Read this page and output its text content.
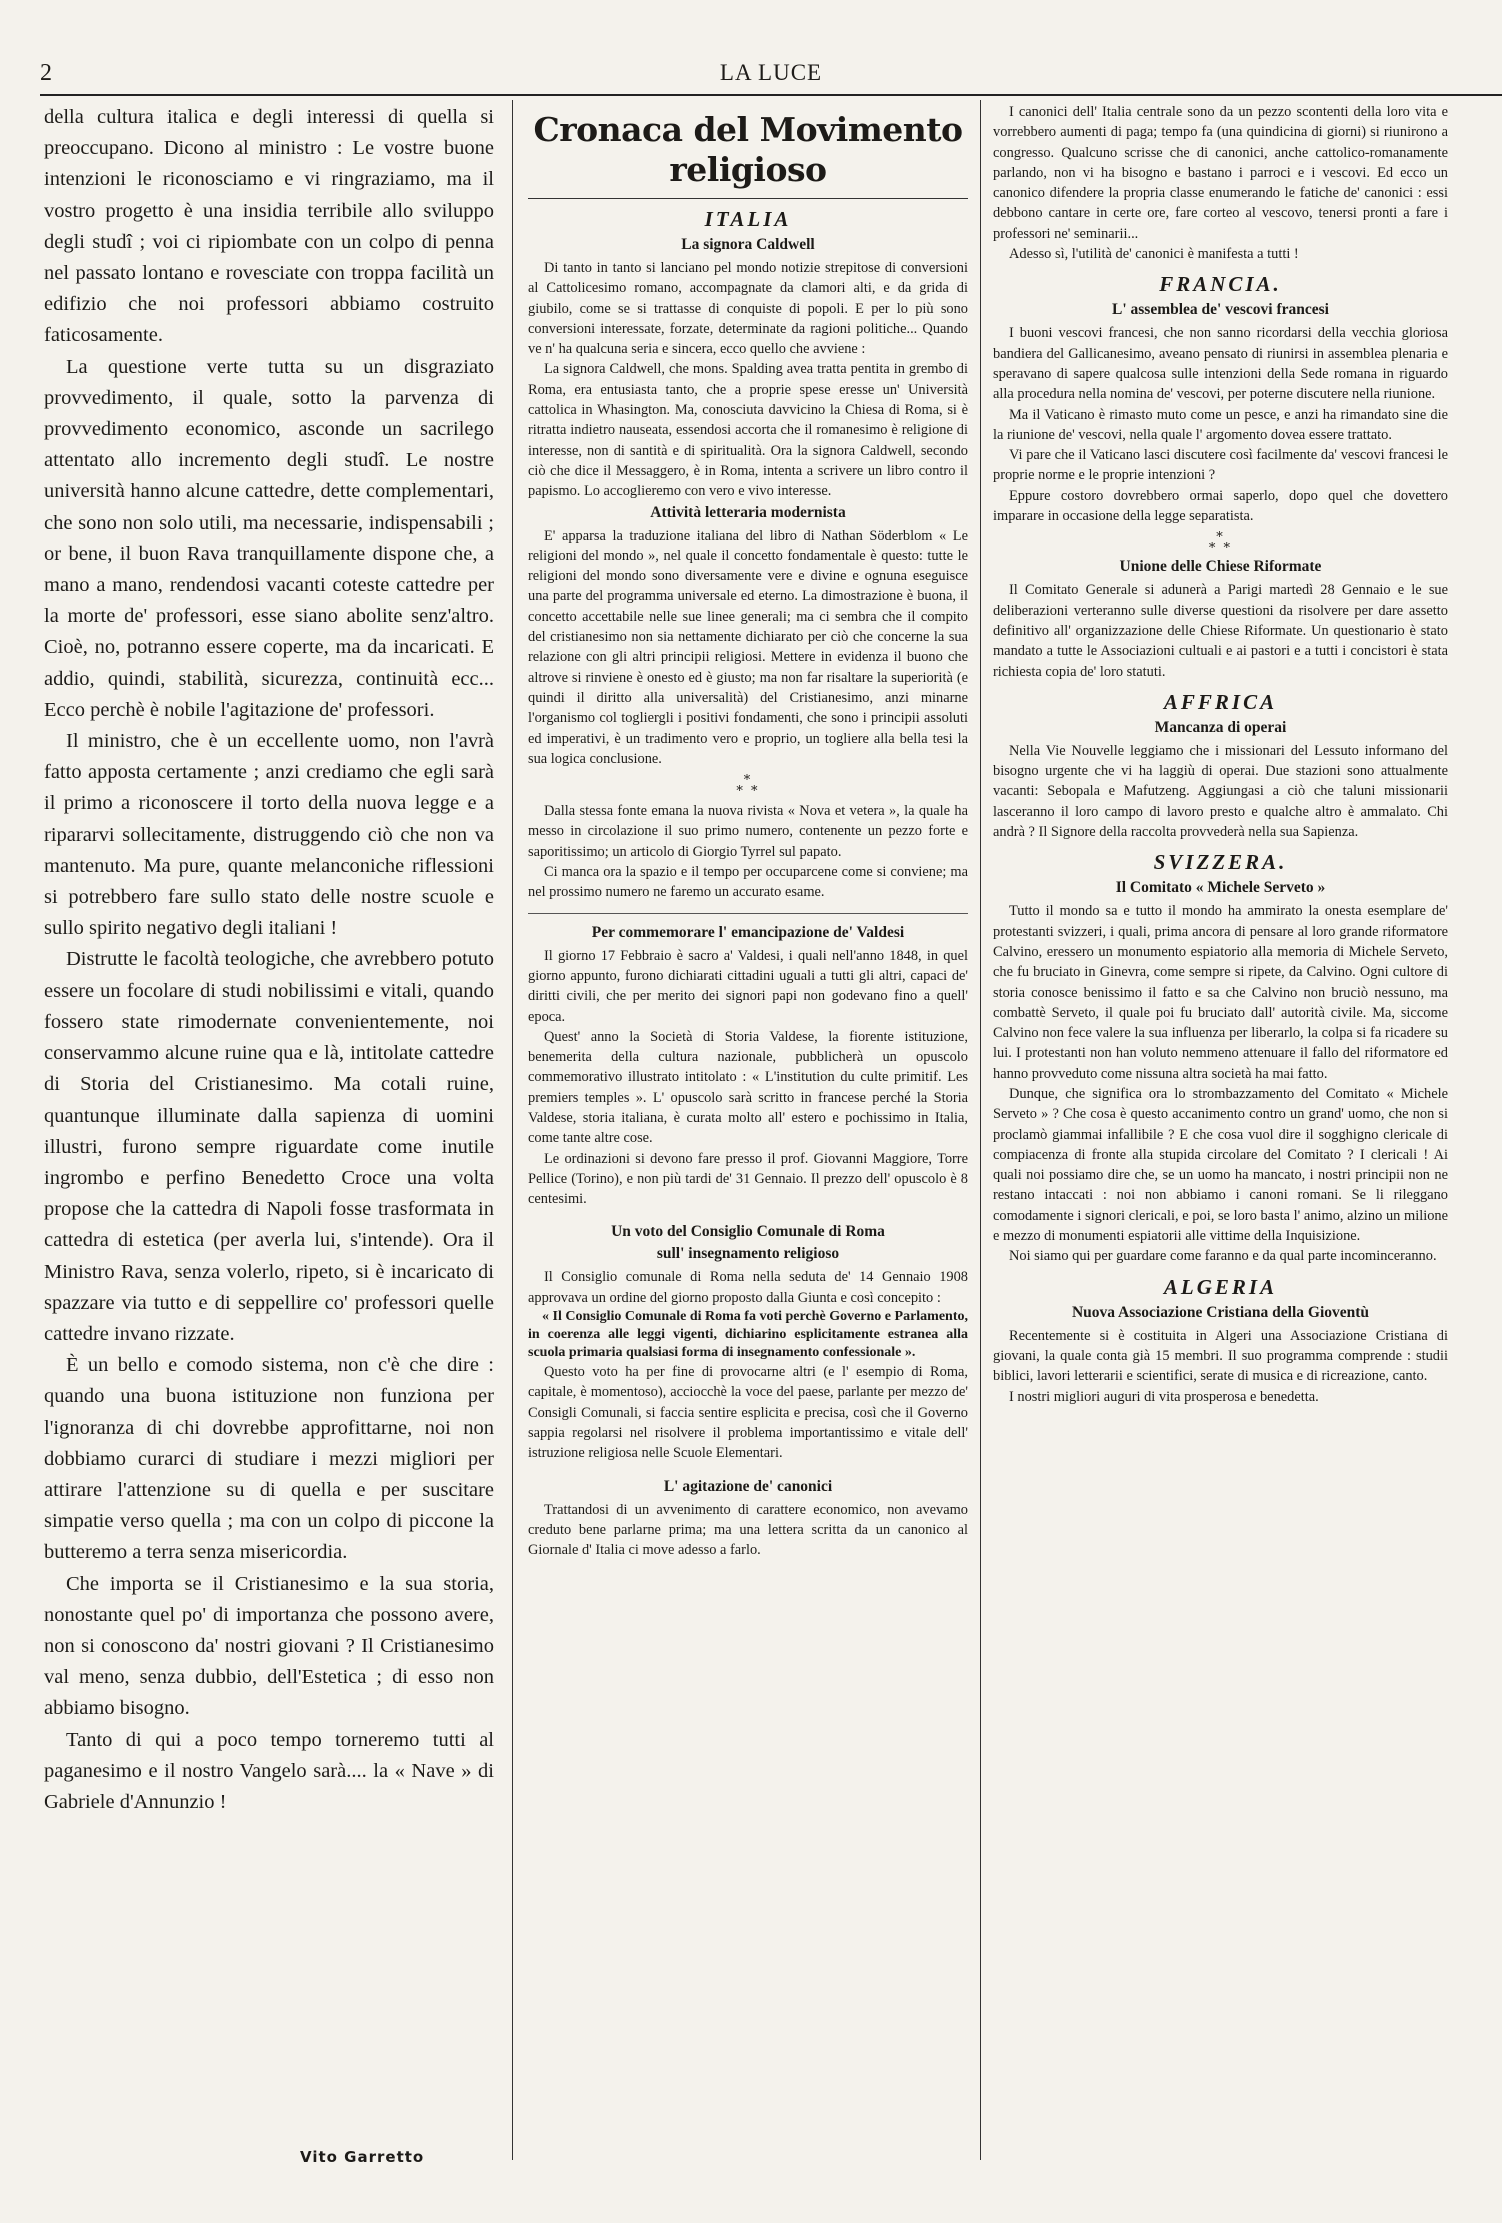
2	LA LUCE

della cultura italica e degli interessi di quella si preoccupano. Dicono al ministro : Le vostre buone intenzioni le riconosciamo e vi ringraziamo, ma il vostro progetto è una insidia terribile allo sviluppo degli studî ; voi ci ripiombate con un colpo di penna nel passato lontano e rovesciate con troppa facilità un edifizio che noi professori abbiamo costruito faticosamente.

La questione verte tutta su un disgraziato provvedimento, il quale, sotto la parvenza di provvedimento economico, asconde un sacrilego attentato allo incremento degli studî. Le nostre università hanno alcune cattedre, dette complementari, che sono non solo utili, ma necessarie, indispensabili ; or bene, il buon Rava tranquillamente dispone che, a mano a mano, rendendosi vacanti coteste cattedre per la morte de' professori, esse siano abolite senz'altro. Cioè, no, potranno essere coperte, ma da incaricati. E addio, quindi, stabilità, sicurezza, continuità ecc... Ecco perchè è nobile l'agitazione de' professori.

Il ministro, che è un eccellente uomo, non l'avrà fatto apposta certamente ; anzi crediamo che egli sarà il primo a riconoscere il torto della nuova legge e a ripararvi sollecitamente, distruggendo ciò che non va mantenuto. Ma pure, quante melanconiche riflessioni si potrebbero fare sullo stato delle nostre scuole e sullo spirito negativo degli italiani !

Distrutte le facoltà teologiche, che avrebbero potuto essere un focolare di studi nobilissimi e vitali, quando fossero state rimodernate convenientemente, noi conservammo alcune ruine qua e là, intitolate cattedre di Storia del Cristianesimo. Ma cotali ruine, quantunque illuminate dalla sapienza di uomini illustri, furono sempre riguardate come inutile ingrombo e perfino Benedetto Croce una volta propose che la cattedra di Napoli fosse trasformata in cattedra di estetica (per averla lui, s'intende). Ora il Ministro Rava, senza volerlo, ripeto, si è incaricato di spazzare via tutto e di seppellire co' professori quelle cattedre invano rizzate.

È un bello e comodo sistema, non c'è che dire : quando una buona istituzione non funziona per l'ignoranza di chi dovrebbe approfittarne, noi non dobbiamo curarci di studiare i mezzi migliori per attirare l'attenzione su di quella e per suscitare simpatie verso quella ; ma con un colpo di piccone la butteremo a terra senza misericordia.

Che importa se il Cristianesimo e la sua storia, nonostante quel po' di importanza che possono avere, non si conoscono da' nostri giovani ? Il Cristianesimo val meno, senza dubbio, dell'Estetica ; di esso non abbiamo bisogno.

Tanto di qui a poco tempo torneremo tutti al paganesimo e il nostro Vangelo sarà.... la « Nave » di Gabriele d'Annunzio !

Vito Garretto
Cronaca del Movimento religioso
ITALIA
La signora Caldwell

Di tanto in tanto si lanciano pel mondo notizie strepitose di conversioni al Cattolicesimo romano, accompagnate da clamori alti, e da grida di giubilo, come se si trattasse di conquiste di popoli. E per lo più sono conversioni interessate, forzate, determinate da ragioni politiche... Quando ve n' ha qualcuna seria e sincera, ecco quello che avviene :

La signora Caldwell, che mons. Spalding avea tratta pentita in grembo di Roma, era entusiasta tanto, che a proprie spese eresse un' Università cattolica in Whasington. Ma, conosciuta davvicino la Chiesa di Roma, si è ritratta indietro nauseata, essendosi accorta che il romanesimo è religione di interesse, non di santità e di spiritualità. Ora la signora Caldwell, secondo ciò che dice il Messaggero, è in Roma, intenta a scrivere un libro contro il papismo. Lo accoglieremo con vero e vivo interesse.

Attività letteraria modernista

E' apparsa la traduzione italiana del libro di Nathan Söderblom « Le religioni del mondo », nel quale il concetto fondamentale è questo: tutte le religioni del mondo sono diversamente vere e divine e ognuna eseguisce una parte del programma universale ed eterno. La dimostrazione è buona, il concetto accettabile nelle sue linee generali; ma ci sembra che il compito del cristianesimo non sia nettamente dichiarato per ciò che concerne la sua relazione con gli altri principii religiosi. Mettere in evidenza il buono che altrove si rinviene è onesto ed è giusto; ma non far risaltare la superiorità (e quindi il diritto alla universalità) del Cristianesimo, anzi minarne l'organismo col togliergli i positivi fondamenti, che sono i principii assoluti ed imperativi, è un tradimento vero e proprio, un togliere alla bella tesi la sua logica conclusione.

*
* *

Dalla stessa fonte emana la nuova rivista « Nova et vetera », la quale ha messo in circolazione il suo primo numero, contenente un pezzo forte e saporitissimo; un articolo di Giorgio Tyrrel sul papato.

Ci manca ora la spazio e il tempo per occuparcene come si conviene; ma nel prossimo numero ne faremo un accurato esame.

Per commemorare l' emancipazione de' Valdesi

Il giorno 17 Febbraio è sacro a' Valdesi, i quali nell'anno 1848, in quel giorno appunto, furono dichiarati cittadini uguali a tutti gli altri, capaci de' diritti civili, che per merito dei signori papi non godevano fino a quell' epoca.

Quest' anno la Società di Storia Valdese, la fiorente istituzione, benemerita della cultura nazionale, pubblicherà un opuscolo commemorativo illustrato intitolato : « L'institution du culte primitif. Les premiers temples ». L' opuscolo sarà scritto in francese perché la Storia Valdese, storia italiana, è curata molto all' estero e pochissimo in Italia, come tante altre cose.

Le ordinazioni si devono fare presso il prof. Giovanni Maggiore, Torre Pellice (Torino), e non più tardi de' 31 Gennaio. Il prezzo dell' opuscolo è 8 centesimi.

Un voto del Consiglio Comunale di Roma
sull' insegnamento religioso

Il Consiglio comunale di Roma nella seduta de' 14 Gennaio 1908 approvava un ordine del giorno proposto dalla Giunta e così concepito :

« Il Consiglio Comunale di Roma fa voti perchè Governo e Parlamento, in coerenza alle leggi vigenti, dichiarino esplicitamente estranea alla scuola primaria qualsiasi forma di insegnamento confessionale ».

Questo voto ha per fine di provocarne altri (e l' esempio di Roma, capitale, è momentoso), acciocchè la voce del paese, parlante per mezzo de' Consigli Comunali, si faccia sentire esplicita e precisa, così che il Governo sappia regolarsi nel risolvere il problema importantissimo e vitale dell' istruzione religiosa nelle Scuole Elementari.

L' agitazione de' canonici

Trattandosi di un avvenimento di carattere economico, non avevamo creduto bene parlarne prima; ma una lettera scritta da un canonico al Giornale d' Italia ci move adesso a farlo.

I canonici dell' Italia centrale sono da un pezzo scontenti della loro vita e vorrebbero aumenti di paga; tempo fa (una quindicina di giorni) si riunirono a congresso. Qualcuno scrisse che di canonici, anche cattolico-romanamente parlando, non vi ha bisogno e bastano i parroci e i vescovi. Ed ecco un canonico difendere la propria classe enumerando le fatiche de' canonici : essi debbono cantare in certe ore, fare corteo al vescovo, tenersi pronti a fare i professori ne' seminarii...

Adesso sì, l'utilità de' canonici è manifesta a tutti !

FRANCIA.
L' assemblea de' vescovi francesi

I buoni vescovi francesi, che non sanno ricordarsi della vecchia gloriosa bandiera del Gallicanesimo, aveano pensato di riunirsi in assemblea plenaria e speravano di sapere qualcosa sulle intenzioni della Sede romana in riguardo alla procedura nella nomina de' vescovi, per poterne discutere nella riunione.

Ma il Vaticano è rimasto muto come un pesce, e anzi ha rimandato sine die la riunione de' vescovi, nella quale l' argomento dovea essere trattato.

Vi pare che il Vaticano lasci discutere così facilmente da' vescovi francesi le proprie norme e le proprie intenzioni ?

Eppure costoro dovrebbero ormai saperlo, dopo quel che dovettero imparare in occasione della legge separatista.

*
* *
Unione delle Chiese Riformate

Il Comitato Generale si adunerà a Parigi martedì 28 Gennaio e le sue deliberazioni verteranno sulle diverse questioni da risolvere per dare assetto definitivo all' organizzazione delle Chiese Riformate. Un questionario è stato mandato a tutte le Associazioni cultuali e ai pastori e a tutti i concistori è stata richiesta copia de' loro statuti.

AFFRICA
Mancanza di operai

Nella Vie Nouvelle leggiamo che i missionari del Lessuto informano del bisogno urgente che vi ha laggiù di operai. Due stazioni sono attualmente vacanti: Sebopala e Mafutzeng. Aggiungasi a ciò che taluni missionarii lasceranno il loro campo di lavoro presto e qualche altro è ammalato. Chi andrà ? Il Signore della raccolta provvederà nella sua Sapienza.

SVIZZERA.
Il Comitato « Michele Serveto »

Tutto il mondo sa e tutto il mondo ha ammirato la onesta esemplare de' protestanti svizzeri, i quali, prima ancora di pensare al loro grande riformatore Calvino, eressero un monumento espiatorio alla memoria di Michele Serveto, che fu bruciato in Ginevra, come sempre si ripete, da Calvino. Ogni cultore di storia conosce benissimo il fatto e sa che Calvino non bruciò nessuno, ma combattè Serveto, il quale poi fu bruciato dall' autorità civile. Ma, siccome Calvino non fece valere la sua influenza per liberarlo, la colpa si fa ricadere su lui. I protestanti non han voluto nemmeno attenuare il fallo del riformatore ed hanno provveduto come nissuna altra società ha mai fatto.

Dunque, che significa ora lo strombazzamento del Comitato « Michele Serveto » ? Che cosa è questo accanimento contro un grand' uomo, che non si proclamò giammai infallibile ? E che cosa vuol dire il sogghigno clericale di compiacenza di fronte alla stupida circolare del Comitato ? I clericali ! Ai quali noi possiamo dire che, se un uomo ha mancato, i nostri principii non ne restano intaccati : noi non abbiamo i canoni romani. Se li rileggano comodamente i signori clericali, e poi, se loro basta l' animo, alzino un milione e mezzo di monumenti espiatorii alle vittime della Inquisizione.

Noi siamo qui per guardare come faranno e da qual parte incominceranno.

ALGERIA
Nuova Associazione Cristiana della Gioventù

Recentemente si è costituita in Algeri una Associazione Cristiana di giovani, la quale conta già 15 membri. Il suo programma comprende : studii biblici, lavori letterarii e scientifici, serate di musica e di ricreazione, canto.

I nostri migliori auguri di vita prosperosa e benedetta.
